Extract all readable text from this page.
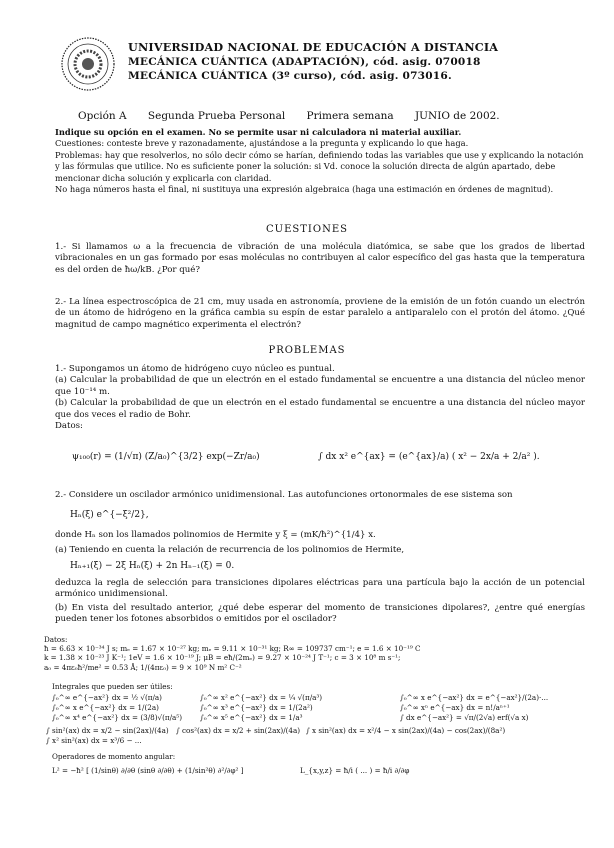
UNIVERSIDAD NACIONAL DE EDUCACIÓN A DISTANCIA
MECÁNICA CUÁNTICA (ADAPTACIÓN), cód. asig. 070018
MECÁNICA CUÁNTICA (3º curso), cód. asig. 073016.
Opción A Segunda Prueba Personal Primera semana JUNIO de 2002.
Indique su opción en el examen. No se permite usar ni calculadora ni material auxiliar.
Cuestiones: conteste breve y razonadamente, ajustándose a la pregunta y explicando lo que haga.
Problemas: hay que resolverlos, no sólo decir cómo se harían, definiendo todas las variables que use y explicando la notación y las fórmulas que utilice. No es suficiente poner la solución: si Vd. conoce la solución directa de algún apartado, debe mencionar dicha solución y explicarla con claridad.
No haga números hasta el final, ni sustituya una expresión algebraica (haga una estimación en órdenes de magnitud).
CUESTIONES
1.- Si llamamos ω a la frecuencia de vibración de una molécula diatómica, se sabe que los grados de libertad vibracionales en un gas formado por esas moléculas no contribuyen al calor específico del gas hasta que la temperatura es del orden de ħω/kB. ¿Por qué?
2.- La línea espectroscópica de 21 cm, muy usada en astronomía, proviene de la emisión de un fotón cuando un electrón de un átomo de hidrógeno en la gráfica cambia su espín de estar paralelo a antiparalelo con el protón del átomo. ¿Qué magnitud de campo magnético experimenta el electrón?
PROBLEMAS
1.- Supongamos un átomo de hidrógeno cuyo núcleo es puntual.
(a) Calcular la probabilidad de que un electrón en el estado fundamental se encuentre a una distancia del núcleo menor que 10⁻¹⁴ m.
(b) Calcular la probabilidad de que un electrón en el estado fundamental se encuentre a una distancia del núcleo mayor que dos veces el radio de Bohr.
Datos:
ψ₁₀₀(r) = (1/√π) (Z/a₀)^{3/2} exp(−Zr/a₀)	∫ dx x² e^{ax} = (e^{ax}/a) ( x² − 2x/a + 2/a² ).
2.- Considere un oscilador armónico unidimensional. Las autofunciones ortonormales de ese sistema son
Hₙ(ξ) e^{−ξ²/2},
donde Hₙ son los llamados polinomios de Hermite y ξ = (mK/ħ²)^{1/4} x.
(a) Teniendo en cuenta la relación de recurrencia de los polinomios de Hermite,
Hₙ₊₁(ξ) − 2ξ Hₙ(ξ) + 2n Hₙ₋₁(ξ) = 0.
deduzca la regla de selección para transiciones dipolares eléctricas para una partícula bajo la acción de un potencial armónico unidimensional.
(b) En vista del resultado anterior, ¿qué debe esperar del momento de transiciones dipolares?, ¿entre qué energías pueden tener los fotones absorbidos o emitidos por el oscilador?
Datos:
ħ = 6.63 × 10⁻³⁴ J s; mₑ = 1.67 × 10⁻²⁷ kg; mₑ = 9.11 × 10⁻³¹ kg; R∞ = 109737 cm⁻¹; e = 1.6 × 10⁻¹⁹ C
k = 1.38 × 10⁻²³ J K⁻¹; 1eV = 1.6 × 10⁻¹⁹ J; μB = eħ/(2mₑ) = 9.27 × 10⁻²⁴ J T⁻¹; c = 3 × 10⁸ m s⁻¹;
a₀ = 4πε₀ħ²/me² = 0.53 Å; 1/(4πε₀) = 9 × 10⁹ N m² C⁻²
Integrales que pueden ser útiles:
∫₀^∞ e^{−ax²} dx = ½ √(π/a)
∫₀^∞ x e^{−ax²} dx = 1/(2a)
∫₀^∞ x⁴ e^{−ax²} dx = (3/8)√(π/a⁵)
∫₀^∞ x² e^{−ax²} dx = ¼ √(π/a³)
∫₀^∞ x³ e^{−ax²} dx = 1/(2a²)
∫₀^∞ x⁵ e^{−ax²} dx = 1/a³
∫₀^∞ x e^{−ax²} dx = e^{−ax²}/(2a)·...
∫₀^∞ xⁿ e^{−ax} dx = n!/aⁿ⁺¹
∫ dx e^{−ax²} = √π/(2√a) erf(√a x)
∫ sin²(ax) dx = x/2 − sin(2ax)/(4a) ∫ cos²(ax) dx = x/2 + sin(2ax)/(4a) ∫ x sin²(ax) dx = x²/4 − x sin(2ax)/(4a) − cos(2ax)/(8a²)
∫ x² sin²(ax) dx = x³/6 − ...
Operadores de momento angular:
L² = −ħ² [ (1/sinθ) ∂/∂θ (sinθ ∂/∂θ) + (1/sin²θ) ∂²/∂φ² ]	L_{x,y,z} = ħ/i ( ... ) = ħ/i ∂/∂φ
